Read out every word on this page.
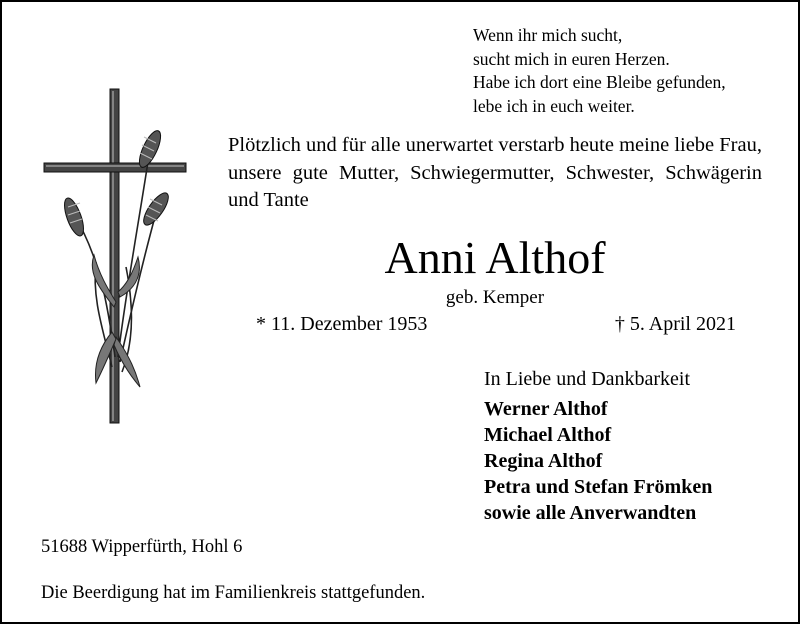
Wenn ihr mich sucht,
sucht mich in euren Herzen.
Habe ich dort eine Bleibe gefunden,
lebe ich in euch weiter.
Plötzlich und für alle unerwartet verstarb heute meine liebe Frau, unsere gute Mutter, Schwiegermutter, Schwester, Schwägerin und Tante
Anni Althof
geb. Kemper
* 11. Dezember 1953	† 5. April 2021
In Liebe und Dankbarkeit
Werner Althof
Michael Althof
Regina Althof
Petra und Stefan Frömken
sowie alle Anverwandten
51688 Wipperfürth, Hohl 6
Die Beerdigung hat im Familienkreis stattgefunden.
